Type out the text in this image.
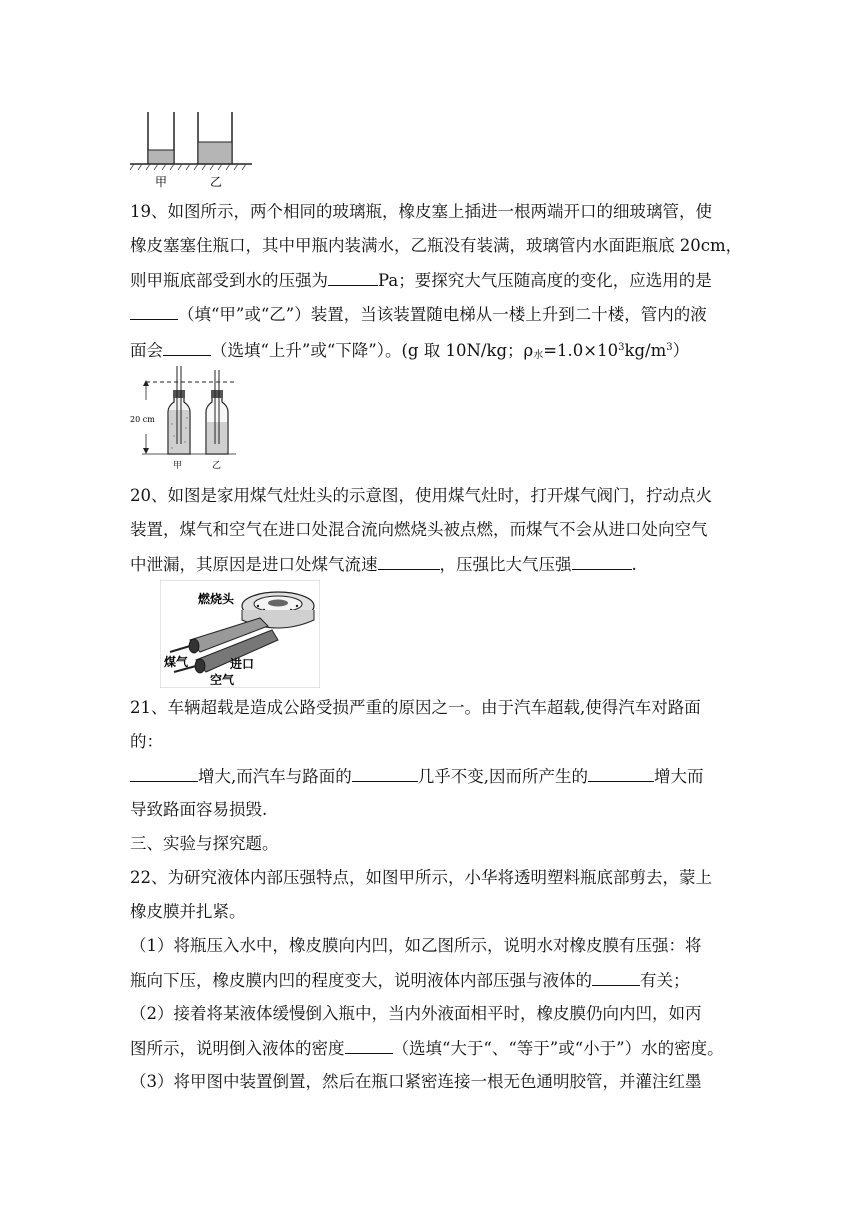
甲	乙
19、如图所示，两个相同的玻璃瓶，橡皮塞上插进一根两端开口的细玻璃管，使
橡皮塞塞住瓶口，其中甲瓶内装满水，乙瓶没有装满，玻璃管内水面距瓶底 20cm，
则甲瓶底部受到水的压强为	Pa；要探究大气压随高度的变化，应选用的是
（填“甲”或“乙”）装置，当该装置随电梯从一楼上升到二十楼，管内的液
面会	（选填“上升”或“下降”）。(g 取 10N/kg；$\rho_水=1.0\times 10^3kg/m^3$）
20 cm
甲	乙
20、如图是家用煤气灶灶头的示意图，使用煤气灶时，打开煤气阀门，拧动点火
装置，煤气和空气在进口处混合流向燃烧头被点燃，而煤气不会从进口处向空气
中泄漏，其原因是进口处煤气流速	，压强比大气压强	.
燃烧头
煤气	进口
空气
21、车辆超载是造成公路受损严重的原因之一。由于汽车超载,使得汽车对路面
的：
增大,而汽车与路面的	几乎不变,因而所产生的	增大而
导致路面容易损毁.
三、实验与探究题。
22、为研究液体内部压强特点，如图甲所示，小华将透明塑料瓶底部剪去，蒙上
橡皮膜并扎紧。
（1）将瓶压入水中，橡皮膜向内凹，如乙图所示，说明水对橡皮膜有压强：将
瓶向下压，橡皮膜内凹的程度变大，说明液体内部压强与液体的	有关；
（2）接着将某液体缓慢倒入瓶中，当内外液面相平时，橡皮膜仍向内凹，如丙
图所示，说明倒入液体的密度	（选填“大于“、“等于”或“小于”）水的密度。
（3）将甲图中装置倒置，然后在瓶口紧密连接一根无色通明胶管，并灌注红墨
